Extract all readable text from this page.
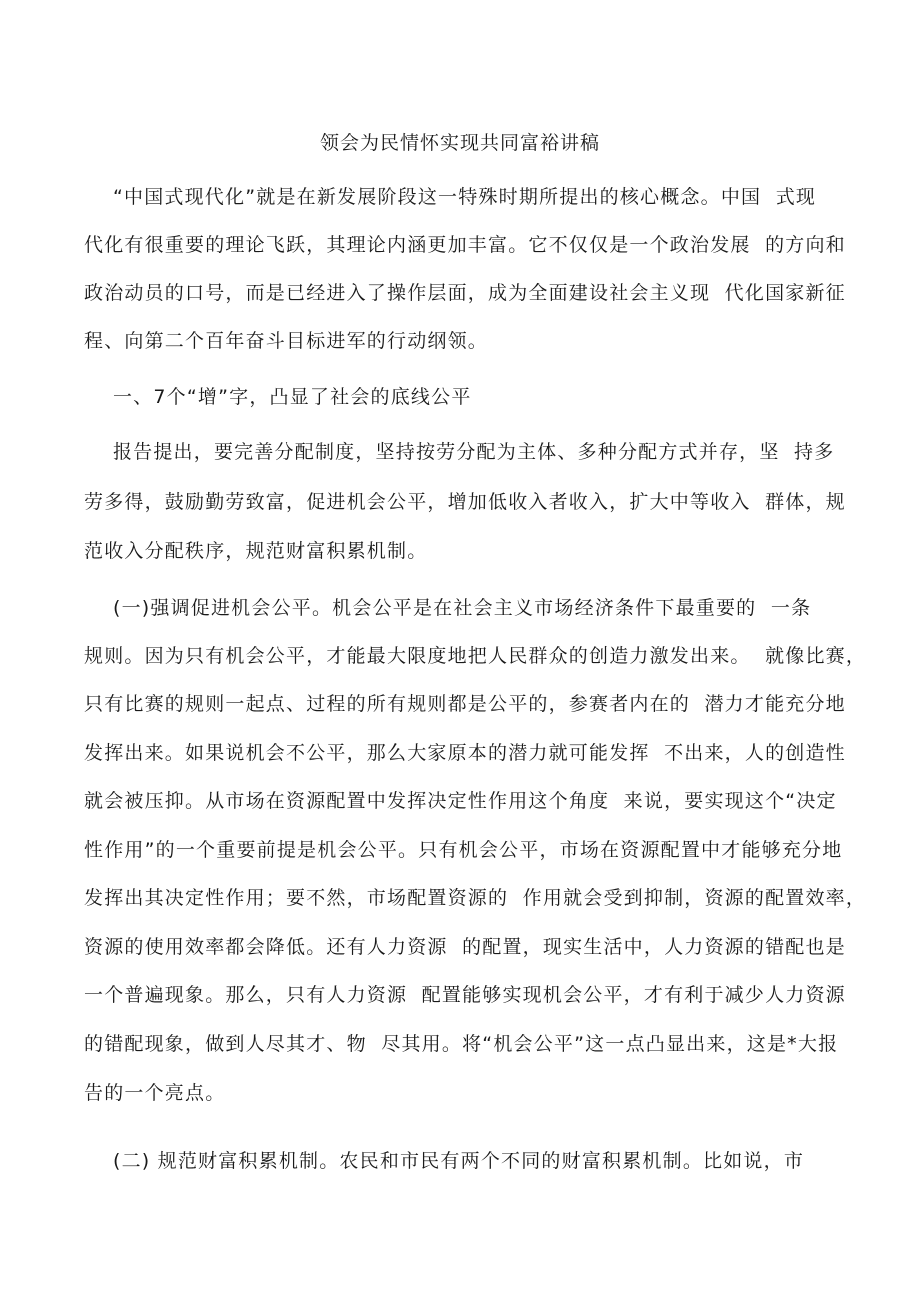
领会为民情怀实现共同富裕讲稿

“中国式现代化”就是在新发展阶段这一特殊时期所提出的核心概念。中国  式现

代化有很重要的理论飞跃，其理论内涵更加丰富。它不仅仅是一个政治发展  的方向和

政治动员的口号，而是已经进入了操作层面，成为全面建设社会主义现  代化国家新征

程、向第二个百年奋斗目标进军的行动纲领。

一、7个“增”字，凸显了社会的底线公平

报告提出，要完善分配制度，坚持按劳分配为主体、多种分配方式并存，坚  持多

劳多得，鼓励勤劳致富，促进机会公平，增加低收入者收入，扩大中等收入  群体，规

范收入分配秩序，规范财富积累机制。

(一)强调促进机会公平。机会公平是在社会主义市场经济条件下最重要的  一条

规则。因为只有机会公平，才能最大限度地把人民群众的创造力激发出来。  就像比赛，

只有比赛的规则一起点、过程的所有规则都是公平的，参赛者内在的  潜力才能充分地

发挥出来。如果说机会不公平，那么大家原本的潜力就可能发挥  不出来，人的创造性

就会被压抑。从市场在资源配置中发挥决定性作用这个角度  来说，要实现这个“决定

性作用”的一个重要前提是机会公平。只有机会公平，市场在资源配置中才能够充分地

发挥出其决定性作用；要不然，市场配置资源的  作用就会受到抑制，资源的配置效率，

资源的使用效率都会降低。还有人力资源  的配置，现实生活中，人力资源的错配也是

一个普遍现象。那么，只有人力资源  配置能够实现机会公平，才有利于减少人力资源

的错配现象，做到人尽其才、物  尽其用。将“机会公平”这一点凸显出来，这是*大报

告的一个亮点。

(二) 规范财富积累机制。农民和市民有两个不同的财富积累机制。比如说，市
